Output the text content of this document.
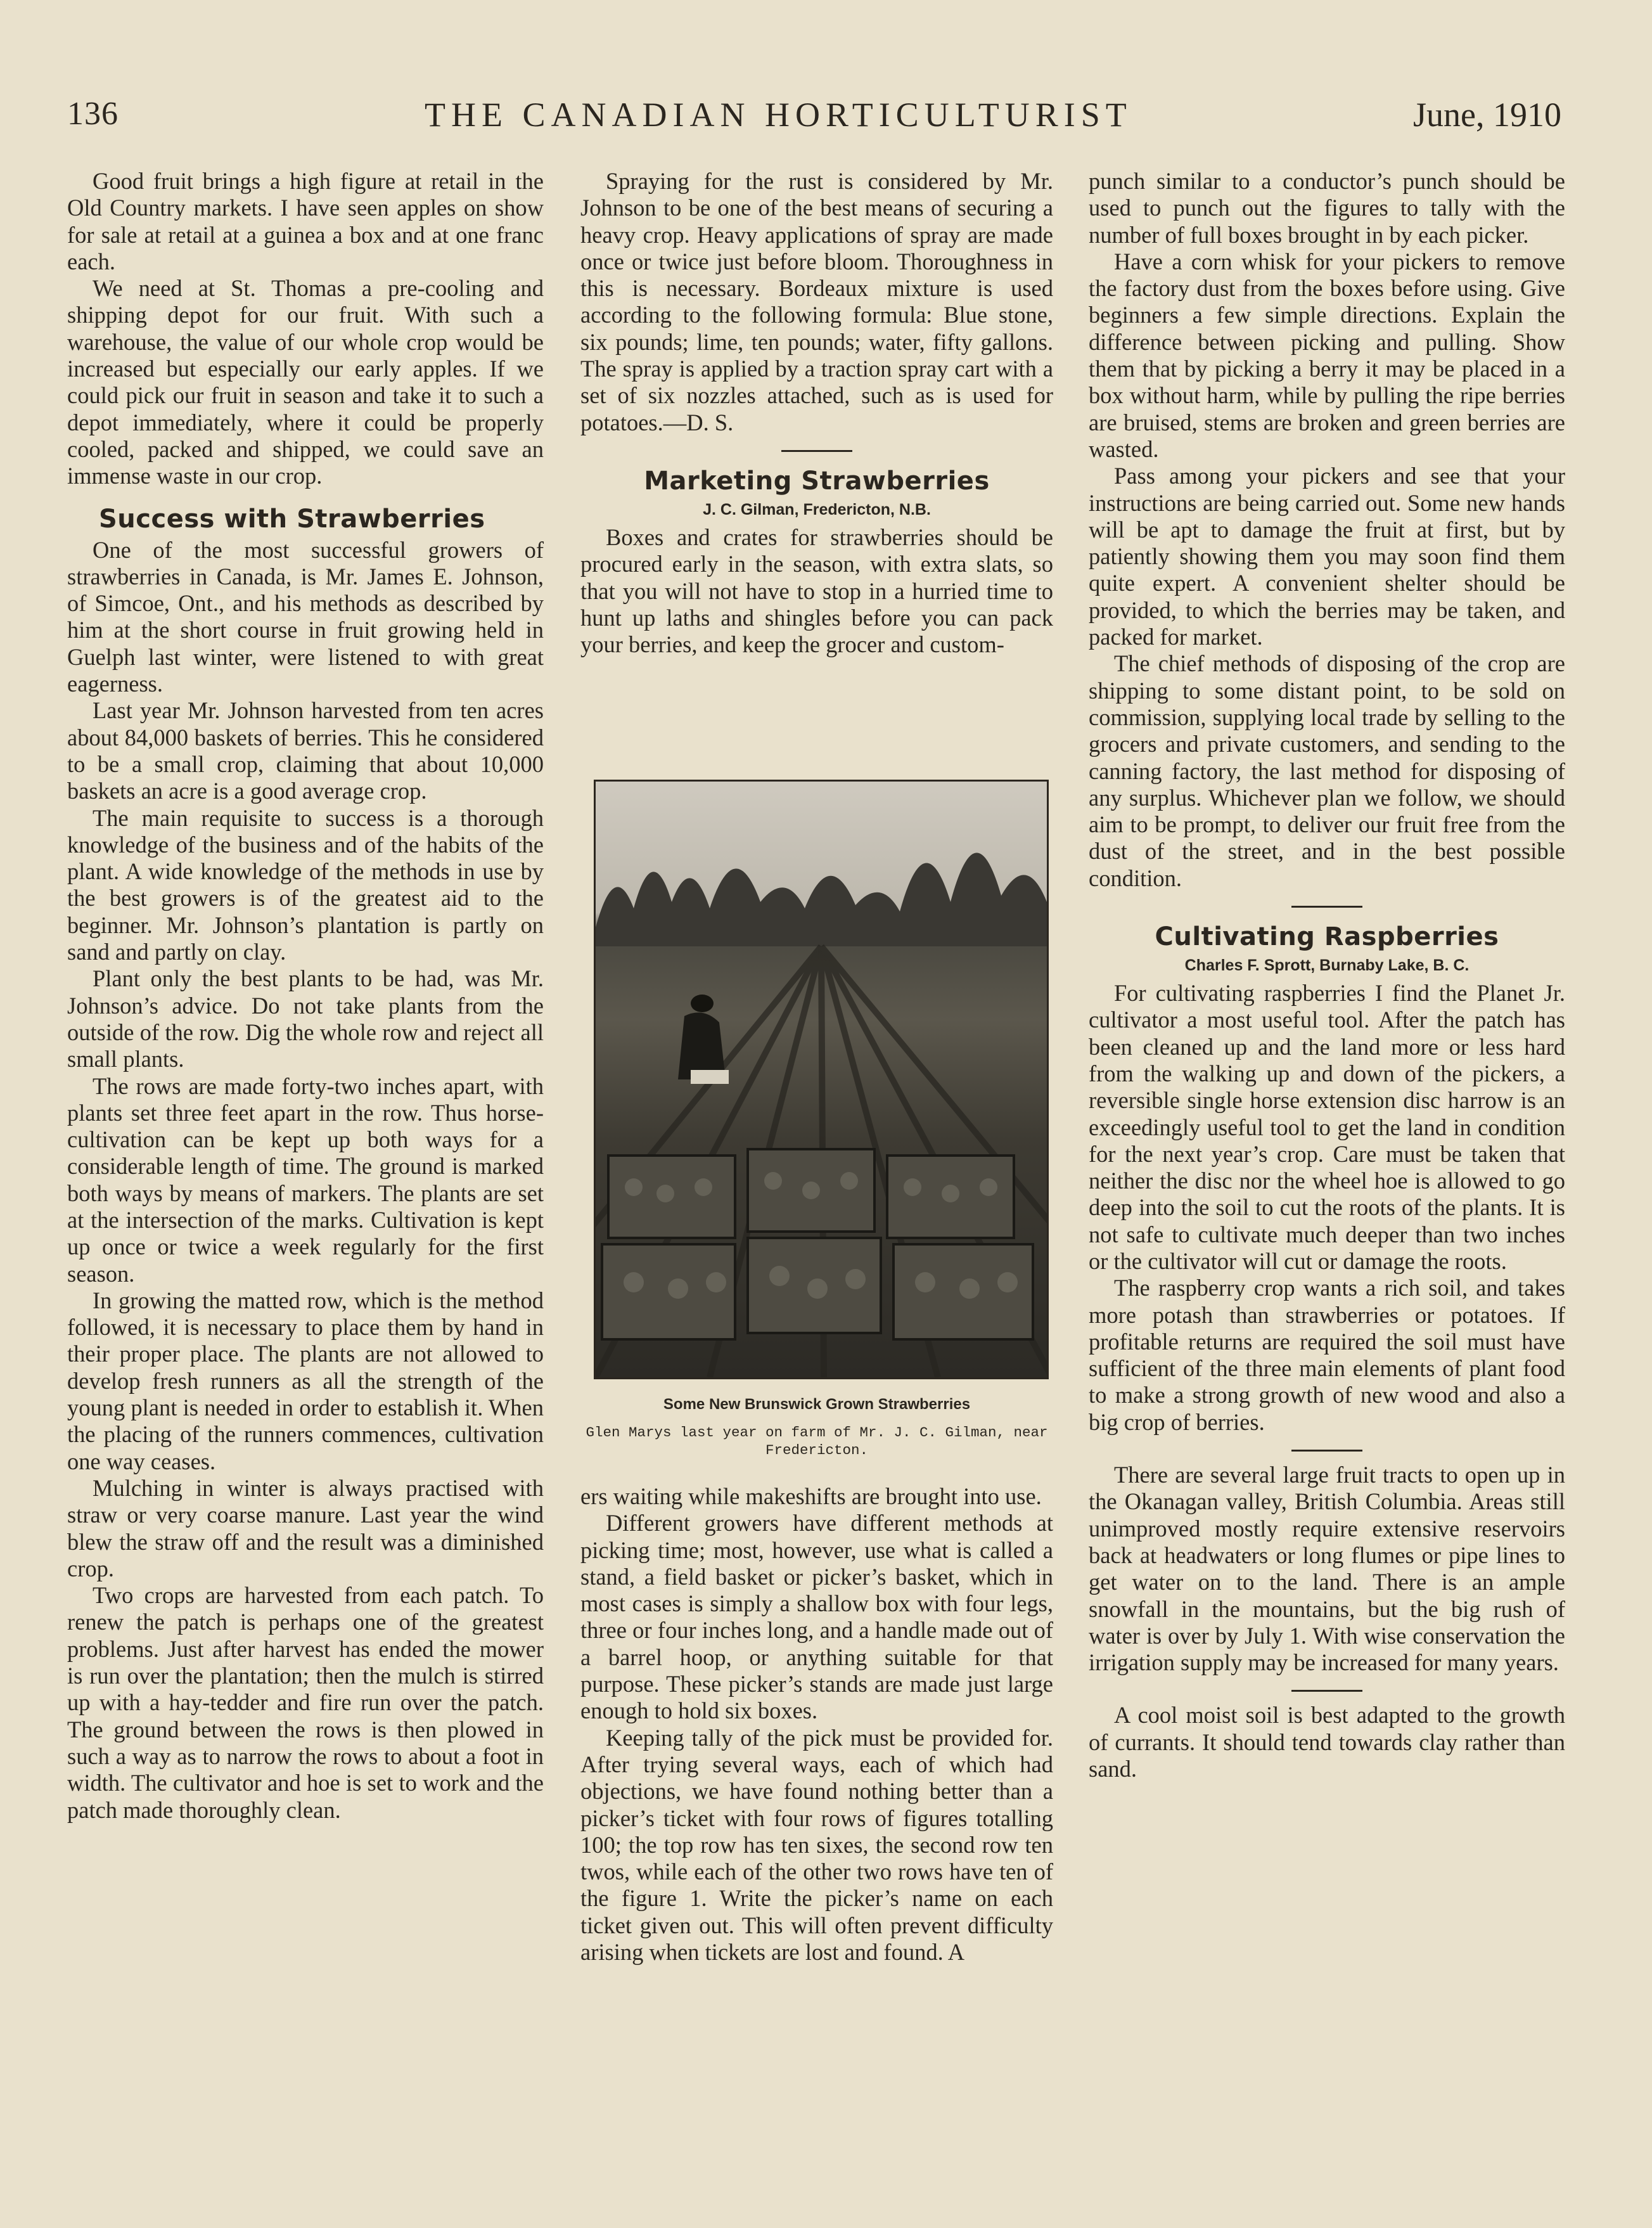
136	THE CANADIAN HORTICULTURIST	June, 1910

Good fruit brings a high figure at retail in the Old Country markets. I have seen apples on show for sale at retail at a guinea a box and at one franc each.

We need at St. Thomas a pre-cooling and shipping depot for our fruit. With such a warehouse, the value of our whole crop would be increased but especially our early apples. If we could pick our fruit in season and take it to such a depot immediately, where it could be properly cooled, packed and shipped, we could save an immense waste in our crop.

Success with Strawberries

One of the most successful growers of strawberries in Canada, is Mr. James E. Johnson, of Simcoe, Ont., and his methods as described by him at the short course in fruit growing held in Guelph last winter, were listened to with great eagerness.

Last year Mr. Johnson harvested from ten acres about 84,000 baskets of berries. This he considered to be a small crop, claiming that about 10,000 baskets an acre is a good average crop.

The main requisite to success is a thorough knowledge of the business and of the habits of the plant. A wide knowledge of the methods in use by the best growers is of the greatest aid to the beginner. Mr. Johnson’s plantation is partly on sand and partly on clay.

Plant only the best plants to be had, was Mr. Johnson’s advice. Do not take plants from the outside of the row. Dig the whole row and reject all small plants.

The rows are made forty-two inches apart, with plants set three feet apart in the row. Thus horse-cultivation can be kept up both ways for a considerable length of time. The ground is marked both ways by means of markers. The plants are set at the intersection of the marks. Cultivation is kept up once or twice a week regularly for the first season.

In growing the matted row, which is the method followed, it is necessary to place them by hand in their proper place. The plants are not allowed to develop fresh runners as all the strength of the young plant is needed in order to establish it. When the placing of the runners commences, cultivation one way ceases.

Mulching in winter is always practised with straw or very coarse manure. Last year the wind blew the straw off and the result was a diminished crop.

Two crops are harvested from each patch. To renew the patch is perhaps one of the greatest problems. Just after harvest has ended the mower is run over the plantation; then the mulch is stirred up with a hay-tedder and fire run over the patch. The ground between the rows is then plowed in such a way as to narrow the rows to about a foot in width. The cultivator and hoe is set to work and the patch made thoroughly clean.

Spraying for the rust is considered by Mr. Johnson to be one of the best means of securing a heavy crop. Heavy applications of spray are made once or twice just before bloom. Thoroughness in this is necessary. Bordeaux mixture is used according to the following formula: Blue stone, six pounds; lime, ten pounds; water, fifty gallons. The spray is applied by a traction spray cart with a set of six nozzles attached, such as is used for potatoes.—D. S.

Marketing Strawberries
J. C. Gilman, Fredericton, N.B.

Boxes and crates for strawberries should be procured early in the season, with extra slats, so that you will not have to stop in a hurried time to hunt up laths and shingles before you can pack your berries, and keep the grocer and custom-

Some New Brunswick Grown Strawberries
Glen Marys last year on farm of Mr. J. C. Gilman, near Fredericton.

ers waiting while makeshifts are brought into use.

Different growers have different methods at picking time; most, however, use what is called a stand, a field basket or picker’s basket, which in most cases is simply a shallow box with four legs, three or four inches long, and a handle made out of a barrel hoop, or anything suitable for that purpose. These picker’s stands are made just large enough to hold six boxes.

Keeping tally of the pick must be provided for. After trying several ways, each of which had objections, we have found nothing better than a picker’s ticket with four rows of figures totalling 100; the top row has ten sixes, the second row ten twos, while each of the other two rows have ten of the figure 1. Write the picker’s name on each ticket given out. This will often prevent difficulty arising when tickets are lost and found. A

punch similar to a conductor’s punch should be used to punch out the figures to tally with the number of full boxes brought in by each picker.

Have a corn whisk for your pickers to remove the factory dust from the boxes before using. Give beginners a few simple directions. Explain the difference between picking and pulling. Show them that by picking a berry it may be placed in a box without harm, while by pulling the ripe berries are bruised, stems are broken and green berries are wasted.

Pass among your pickers and see that your instructions are being carried out. Some new hands will be apt to damage the fruit at first, but by patiently showing them you may soon find them quite expert. A convenient shelter should be provided, to which the berries may be taken, and packed for market.

The chief methods of disposing of the crop are shipping to some distant point, to be sold on commission, supplying local trade by selling to the grocers and private customers, and sending to the canning factory, the last method for disposing of any surplus. Whichever plan we follow, we should aim to be prompt, to deliver our fruit free from the dust of the street, and in the best possible condition.

Cultivating Raspberries
Charles F. Sprott, Burnaby Lake, B. C.

For cultivating raspberries I find the Planet Jr. cultivator a most useful tool. After the patch has been cleaned up and the land more or less hard from the walking up and down of the pickers, a reversible single horse extension disc harrow is an exceedingly useful tool to get the land in condition for the next year’s crop. Care must be taken that neither the disc nor the wheel hoe is allowed to go deep into the soil to cut the roots of the plants. It is not safe to cultivate much deeper than two inches or the cultivator will cut or damage the roots.

The raspberry crop wants a rich soil, and takes more potash than strawberries or potatoes. If profitable returns are required the soil must have sufficient of the three main elements of plant food to make a strong growth of new wood and also a big crop of berries.

There are several large fruit tracts to open up in the Okanagan valley, British Columbia. Areas still unimproved mostly require extensive reservoirs back at headwaters or long flumes or pipe lines to get water on to the land. There is an ample snowfall in the mountains, but the big rush of water is over by July 1. With wise conservation the irrigation supply may be increased for many years.

A cool moist soil is best adapted to the growth of currants. It should tend towards clay rather than sand.
